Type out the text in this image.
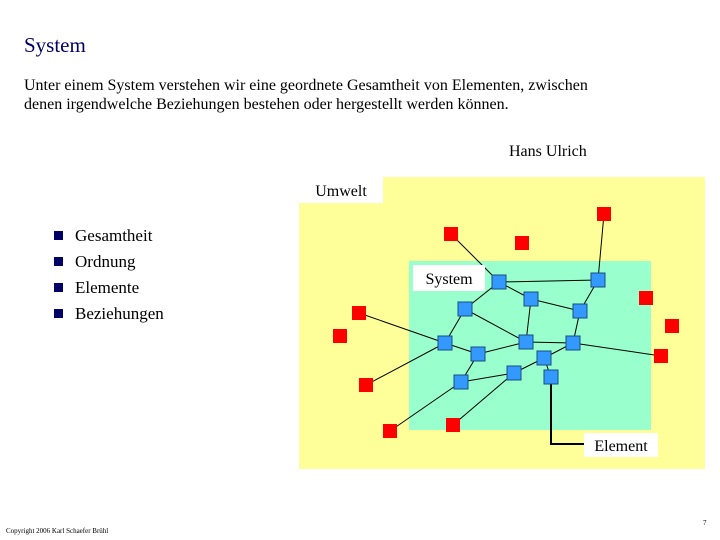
System
Unter einem System verstehen wir eine geordnete Gesamtheit von Elementen, zwischen denen irgendwelche Beziehungen bestehen oder hergestellt werden können.
Hans Ulrich
Gesamtheit
Ordnung
Elemente
Beziehungen
Umwelt
System
Element
Copyright 2006 Karl Schaefer Brühl
7
